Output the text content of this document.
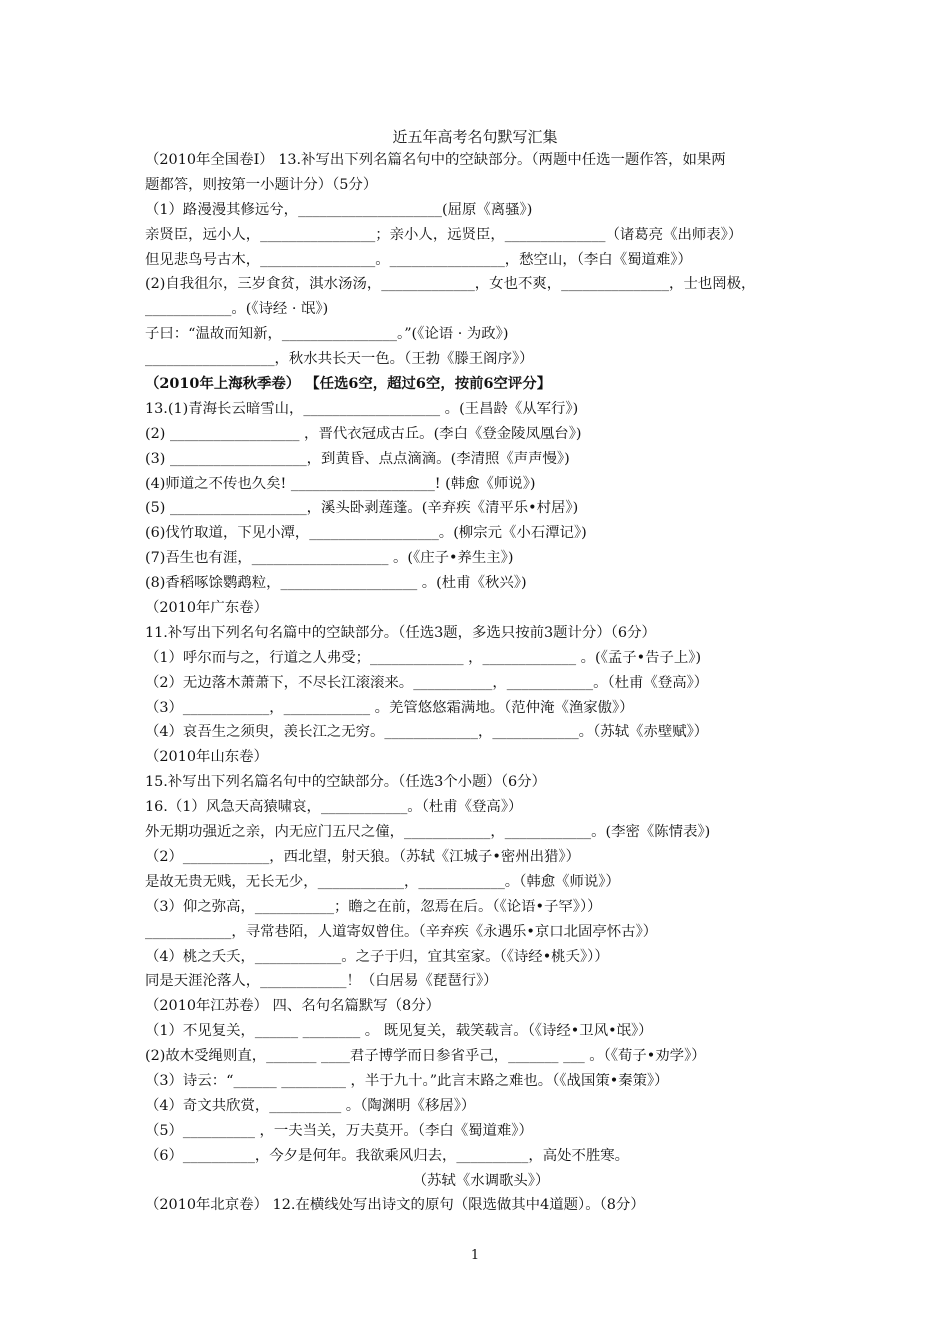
近五年高考名句默写汇集
（2010年全国卷Ⅰ） 13.补写出下列名篇名句中的空缺部分。（两题中任选一题作答，如果两
题都答，则按第一小题计分）（5分）
（1）路漫漫其修远兮，____________________(屈原《离骚》)
亲贤臣，远小人，________________；亲小人，远贤臣，______________（诸葛亮《出师表》）
但见悲鸟号古木，________________。________________，愁空山，（李白《蜀道难》）
(2)自我徂尔，三岁食贫，淇水汤汤，_____________，女也不爽，_______________，士也罔极，
____________。(《诗经 · 氓》)
子曰：“温故而知新，________________。”(《论语 · 为政》)
__________________，秋水共长天一色。（王勃《滕王阁序》）
（2010年上海秋季卷） 【任选6空，超过6空，按前6空评分】
13.(1)青海长云暗雪山，___________________ 。(王昌龄《从军行》)
(2) __________________ ，晋代衣冠成古丘。(李白《登金陵凤凰台》)
(3) ___________________，到黄昏、点点滴滴。(李清照《声声慢》)
(4)师道之不传也久矣! ____________________! (韩愈《师说》)
(5) ___________________，溪头卧剥莲蓬。(辛弃疾《清平乐•村居》)
(6)伐竹取道，下见小潭，__________________。(柳宗元《小石潭记》)
(7)吾生也有涯，___________________ 。(《庄子•养生主》)
(8)香稻啄馀鹦鹉粒，___________________ 。(杜甫《秋兴》)
（2010年广东卷）
11.补写出下列名句名篇中的空缺部分。（任选3题，多选只按前3题计分）（6分）
（1）呼尔而与之，行道之人弗受；_____________ ，_____________ 。(《孟子•告子上》)
（2）无边落木萧萧下，不尽长江滚滚来。___________，____________。（杜甫《登高》）
（3）____________，____________ 。羌管悠悠霜满地。（范仲淹《渔家傲》）
（4）哀吾生之须臾，羡长江之无穷。_____________，____________。（苏轼《赤壁赋》）
（2010年山东卷）
15.补写出下列名篇名句中的空缺部分。（任选3个小题）（6分）
16.（1）风急天高猿啸哀，____________。（杜甫《登高》）
外无期功强近之亲，内无应门五尺之僮，____________，____________。(李密《陈情表》)
（2）____________，西北望，射天狼。（苏轼《江城子•密州出猎》）
是故无贵无贱，无长无少，____________，____________。（韩愈《师说》）
（3）仰之弥高，___________；瞻之在前，忽焉在后。（《论语•子罕》））
____________，寻常巷陌，人道寄奴曾住。（辛弃疾《永遇乐•京口北固亭怀古》）
（4）桃之夭夭，____________。之子于归，宜其室家。（《诗经•桃夭》））
同是天涯沦落人，____________！（白居易《琵琶行》）
（2010年江苏卷） 四、名句名篇默写（8分）
（1）不见复关，______ ________ 。 既见复关，载笑载言。（《诗经•卫风•氓》）
(2)故木受绳则直，_______ ____君子博学而日参省乎己，_______ ___ 。（《荀子•劝学》）
（3）诗云：“______ _________ ，半于九十。”此言末路之难也。（《战国策•秦策》）
（4）奇文共欣赏，__________ 。（陶渊明《移居》）
（5）__________ ，一夫当关，万夫莫开。（李白《蜀道难》）
（6）__________，今夕是何年。我欲乘风归去，__________，高处不胜寒。
（苏轼《水调歌头》）
（2010年北京卷） 12.在横线处写出诗文的原句（限选做其中4道题）。（8分）
1
